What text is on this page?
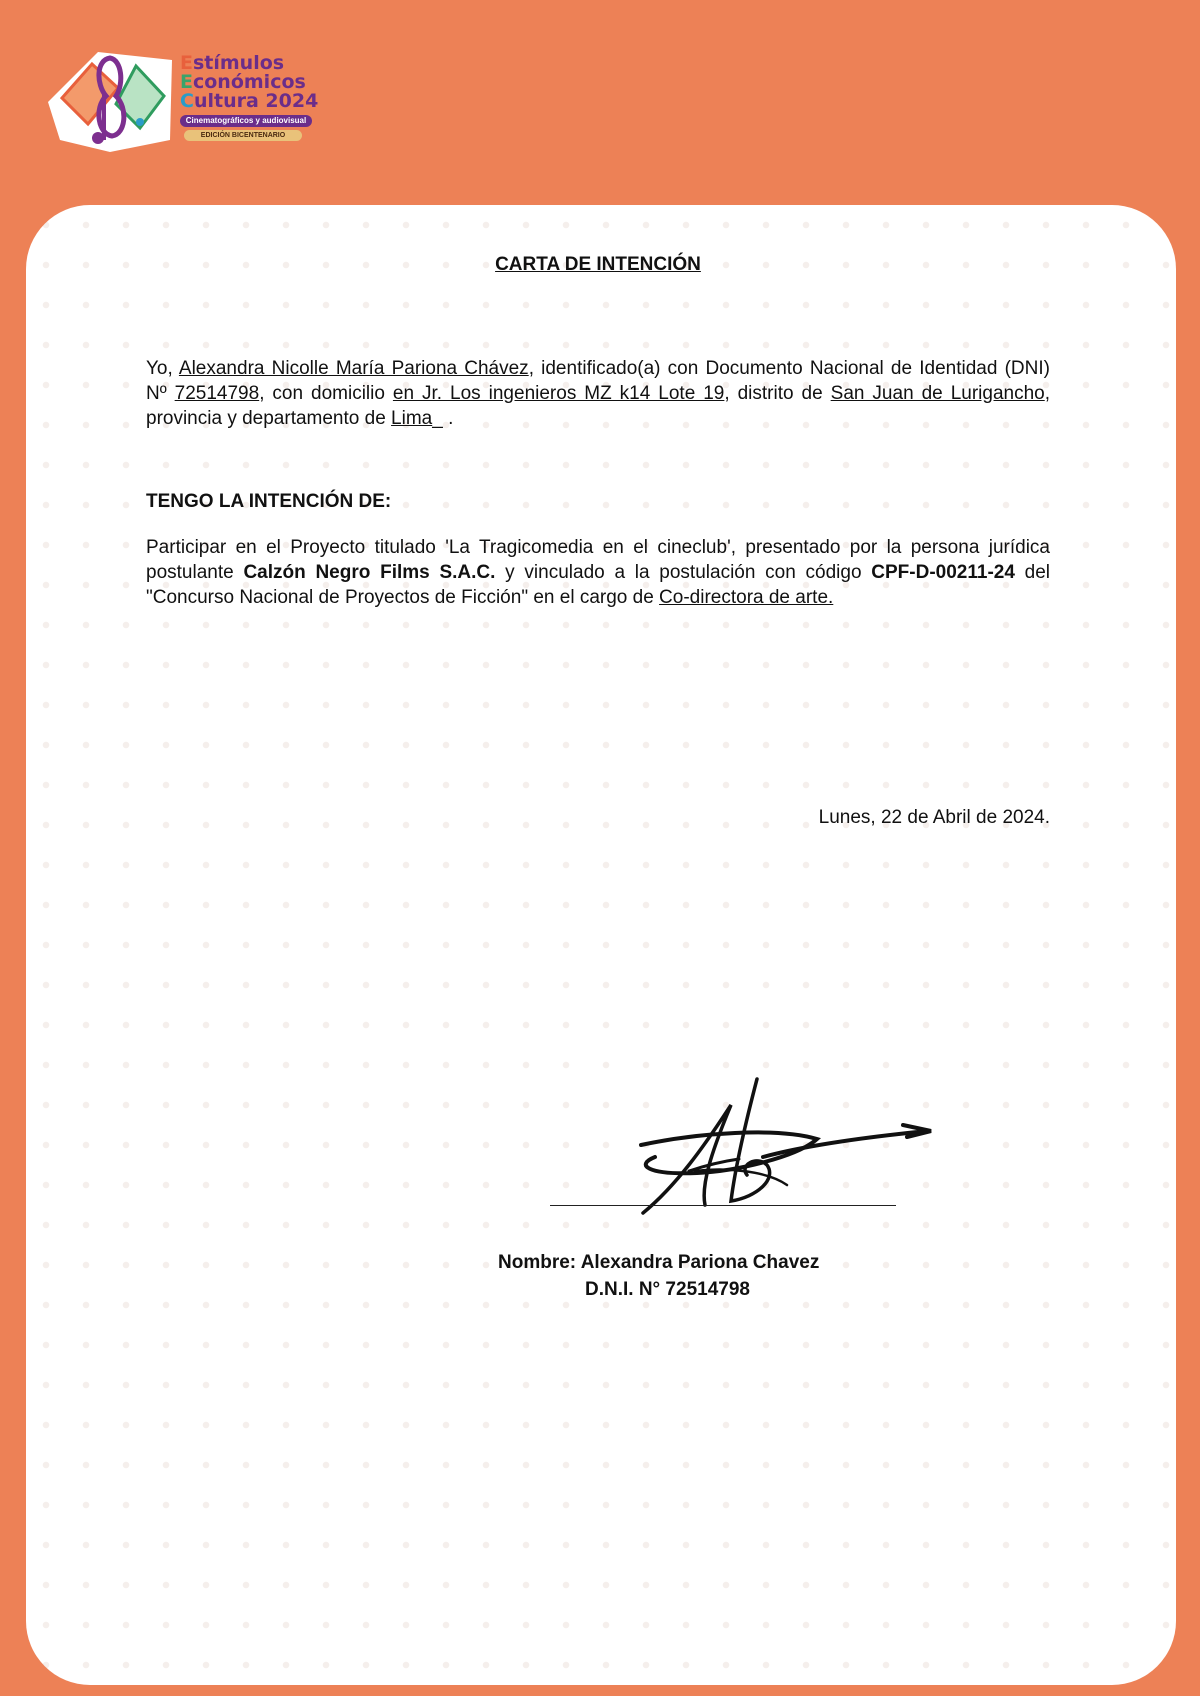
Estímulos
Económicos
Cultura 2024
Cinematográficos y audiovisual
EDICIÓN BICENTENARIO
CARTA DE INTENCIÓN

Yo, Alexandra Nicolle María Pariona Chávez, identificado(a) con Documento Nacional de Identidad (DNI) Nº 72514798, con domicilio en Jr. Los ingenieros MZ k14 Lote 19, distrito de San Juan de Lurigancho, provincia y departamento de Lima_ .

TENGO LA INTENCIÓN DE:

Participar en el Proyecto titulado 'La Tragicomedia en el cineclub', presentado por la persona jurídica postulante Calzón Negro Films S.A.C. y vinculado a la postulación con código CPF-D-00211-24 del "Concurso Nacional de Proyectos de Ficción" en el cargo de Co-directora de arte.

Lunes, 22 de Abril de 2024.
Nombre: Alexandra Pariona Chavez
D.N.I. N° 72514798
